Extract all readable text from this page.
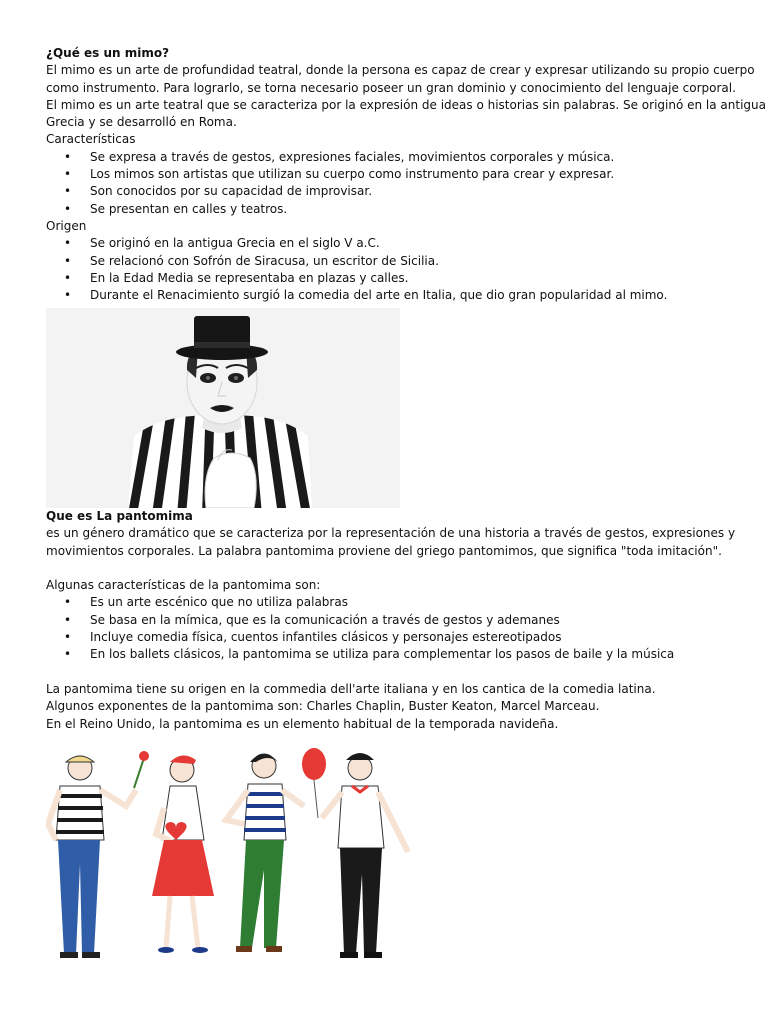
¿Qué es un mimo?

El mimo es un arte de profundidad teatral, donde la persona es capaz de crear y expresar utilizando su propio cuerpo

como instrumento. Para lograrlo, se torna necesario poseer un gran dominio y conocimiento del lenguaje corporal.

El mimo es un arte teatral que se caracteriza por la expresión de ideas o historias sin palabras. Se originó en la antigua

Grecia y se desarrolló en Roma.

Características

• Se expresa a través de gestos, expresiones faciales, movimientos corporales y música.
• Los mimos son artistas que utilizan su cuerpo como instrumento para crear y expresar.
• Son conocidos por su capacidad de improvisar.
• Se presentan en calles y teatros.

Origen

• Se originó en la antigua Grecia en el siglo V a.C.
• Se relacionó con Sofrón de Siracusa, un escritor de Sicilia.
• En la Edad Media se representaba en plazas y calles.
• Durante el Renacimiento surgió la comedia del arte en Italia, que dio gran popularidad al mimo.

Que es La pantomima

es un género dramático que se caracteriza por la representación de una historia a través de gestos, expresiones y

movimientos corporales. La palabra pantomima proviene del griego pantomimos, que significa "toda imitación".

Algunas características de la pantomima son:

• Es un arte escénico que no utiliza palabras
• Se basa en la mímica, que es la comunicación a través de gestos y ademanes
• Incluye comedia física, cuentos infantiles clásicos y personajes estereotipados
• En los ballets clásicos, la pantomima se utiliza para complementar los pasos de baile y la música

La pantomima tiene su origen en la commedia dell'arte italiana y en los cantica de la comedia latina.

Algunos exponentes de la pantomima son: Charles Chaplin, Buster Keaton, Marcel Marceau.

En el Reino Unido, la pantomima es un elemento habitual de la temporada navideña.
